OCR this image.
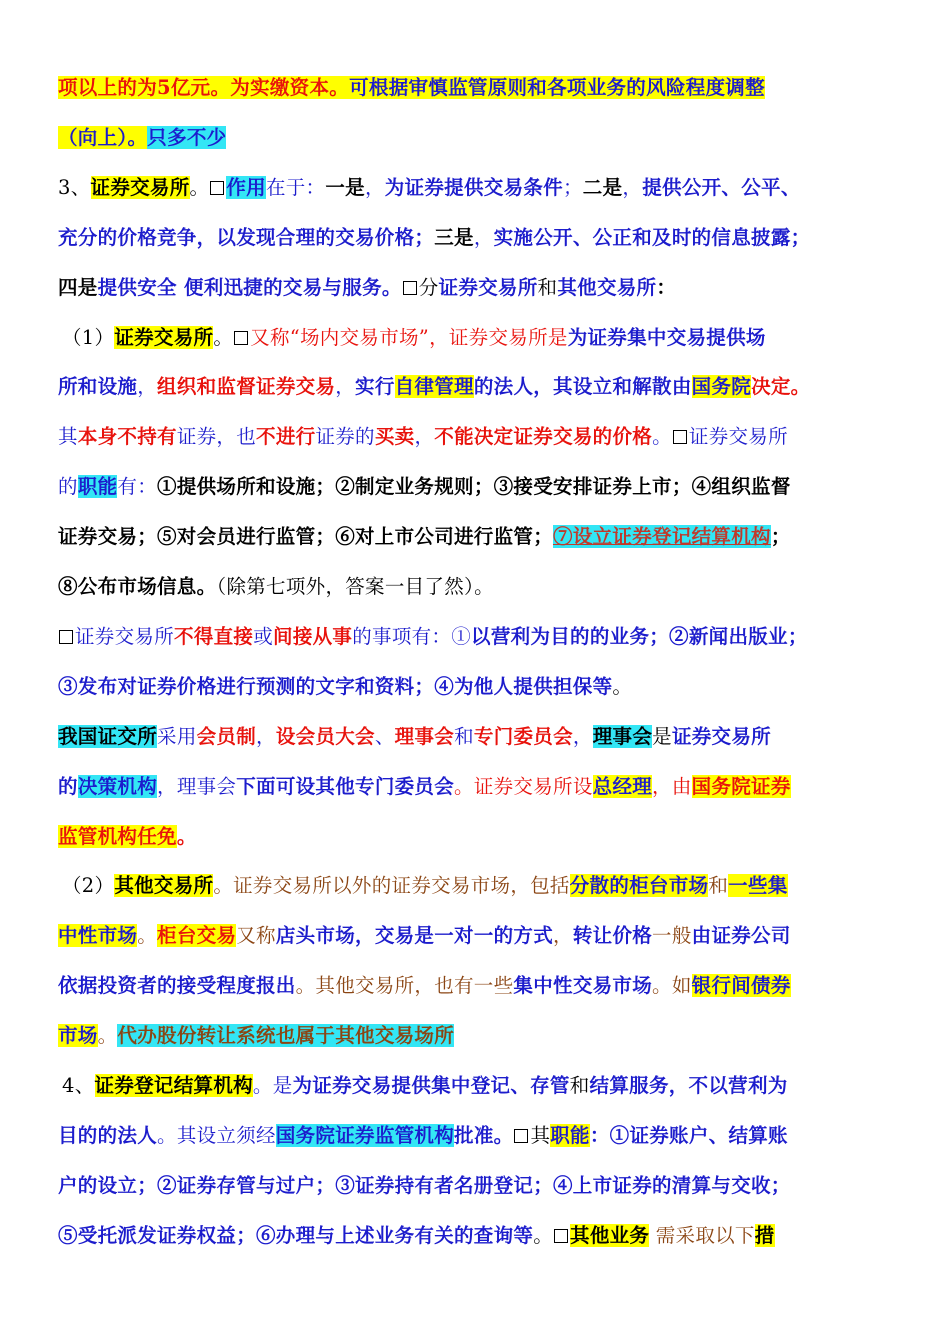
项以上的为5亿元。为实缴资本。可根据审慎监管原则和各项业务的风险程度调整
（向上）。只多不少
3、证券交易所。 作用在于：一是，为证券提供交易条件；二是，提供公开、公平、
充分的价格竞争，以发现合理的交易价格；三是，实施公开、公正和及时的信息披露；
四是提供安全 便利迅捷的交易与服务。 分证券交易所和其他交易所：
（1）证券交易所。 又称“场内交易市场”，证券交易所是为证券集中交易提供场
所和设施，组织和监督证券交易，实行自律管理的法人，其设立和解散由国务院决定。
其本身不持有证券，也不进行证券的买卖，不能决定证券交易的价格。 证券交易所
的职能有：①提供场所和设施；②制定业务规则；③接受安排证券上市；④组织监督
证券交易；⑤对会员进行监管；⑥对上市公司进行监管；⑦设立证券登记结算机构；
⑧公布市场信息。（除第七项外，答案一目了然）。
证券交易所不得直接或间接从事的事项有：①以营利为目的的业务；②新闻出版业；
③发布对证券价格进行预测的文字和资料；④为他人提供担保等。
我国证交所采用会员制，设会员大会、理事会和专门委员会，理事会是证券交易所
的决策机构，理事会下面可设其他专门委员会。证券交易所设总经理，由国务院证券
监管机构任免。
（2）其他交易所。证券交易所以外的证券交易市场，包括分散的柜台市场和一些集
中性市场。柜台交易又称店头市场，交易是一对一的方式，转让价格一般由证券公司
依据投资者的接受程度报出。其他交易所，也有一些集中性交易市场。如银行间债券
市场。代办股份转让系统也属于其他交易场所
4、证券登记结算机构。是为证券交易提供集中登记、存管和结算服务，不以营利为
目的的法人。其设立须经国务院证券监管机构批准。 其职能：①证券账户、结算账
户的设立；②证券存管与过户；③证券持有者名册登记；④上市证券的清算与交收；
⑤受托派发证券权益；⑥办理与上述业务有关的查询等。 其他业务 需采取以下措
